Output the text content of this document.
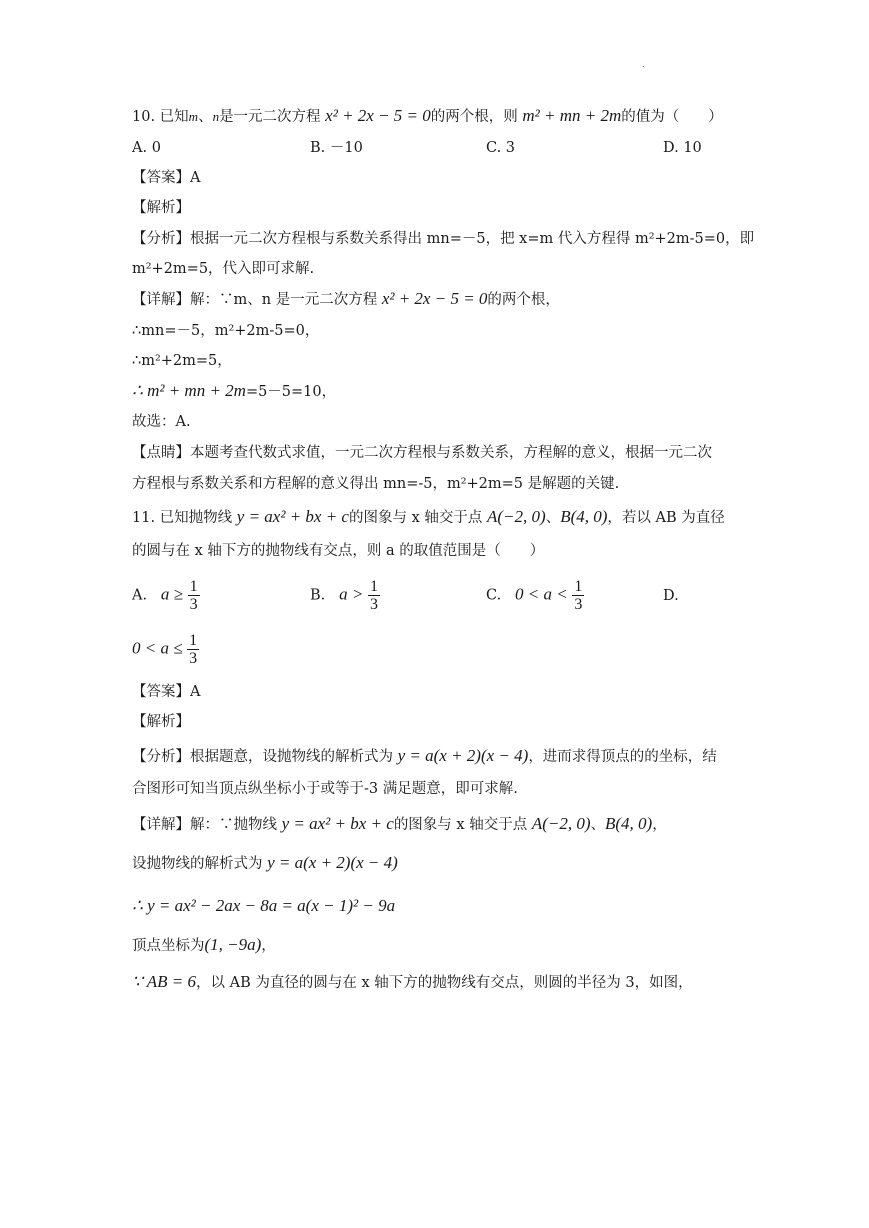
.
10. 已知m、n是一元二次方程 x² + 2x − 5 = 0的两个根，则 m² + mn + 2m的值为（　　）
A. 0	B. －10	C. 3	D. 10
【答案】A
【解析】
【分析】根据一元二次方程根与系数关系得出 mn=－5，把 x=m 代入方程得 m²+2m-5=0，即
m²+2m=5，代入即可求解.
【详解】解：∵m、n 是一元二次方程 x² + 2x − 5 = 0的两个根，
∴mn=－5，m²+2m-5=0，
∴m²+2m=5，
∴ m² + mn + 2m=5－5=10，
故选：A.
【点睛】本题考查代数式求值，一元二次方程根与系数关系，方程解的意义，根据一元二次
方程根与系数关系和方程解的意义得出 mn=-5，m²+2m=5 是解题的关键.
11. 已知抛物线 y = ax² + bx + c的图象与 x 轴交于点 A(−2, 0)、B(4, 0)，若以 AB 为直径
的圆与在 x 轴下方的抛物线有交点，则 a 的取值范围是（　　）
A. $a \ge \frac{1}{3}$	B. $a > \frac{1}{3}$	C. $0 < a < \frac{1}{3}$	D.
$0 < a \le \frac{1}{3}$
【答案】A
【解析】
【分析】根据题意，设抛物线的解析式为 y = a(x + 2)(x − 4)，进而求得顶点的的坐标，结
合图形可知当顶点纵坐标小于或等于-3 满足题意，即可求解.
【详解】解：∵抛物线 y = ax² + bx + c的图象与 x 轴交于点 A(−2, 0)、B(4, 0)，
设抛物线的解析式为 y = a(x + 2)(x − 4)
∴ y = ax² − 2ax − 8a = a(x − 1)² − 9a
顶点坐标为(1, −9a)，
∵ AB = 6，以 AB 为直径的圆与在 x 轴下方的抛物线有交点，则圆的半径为 3，如图，
